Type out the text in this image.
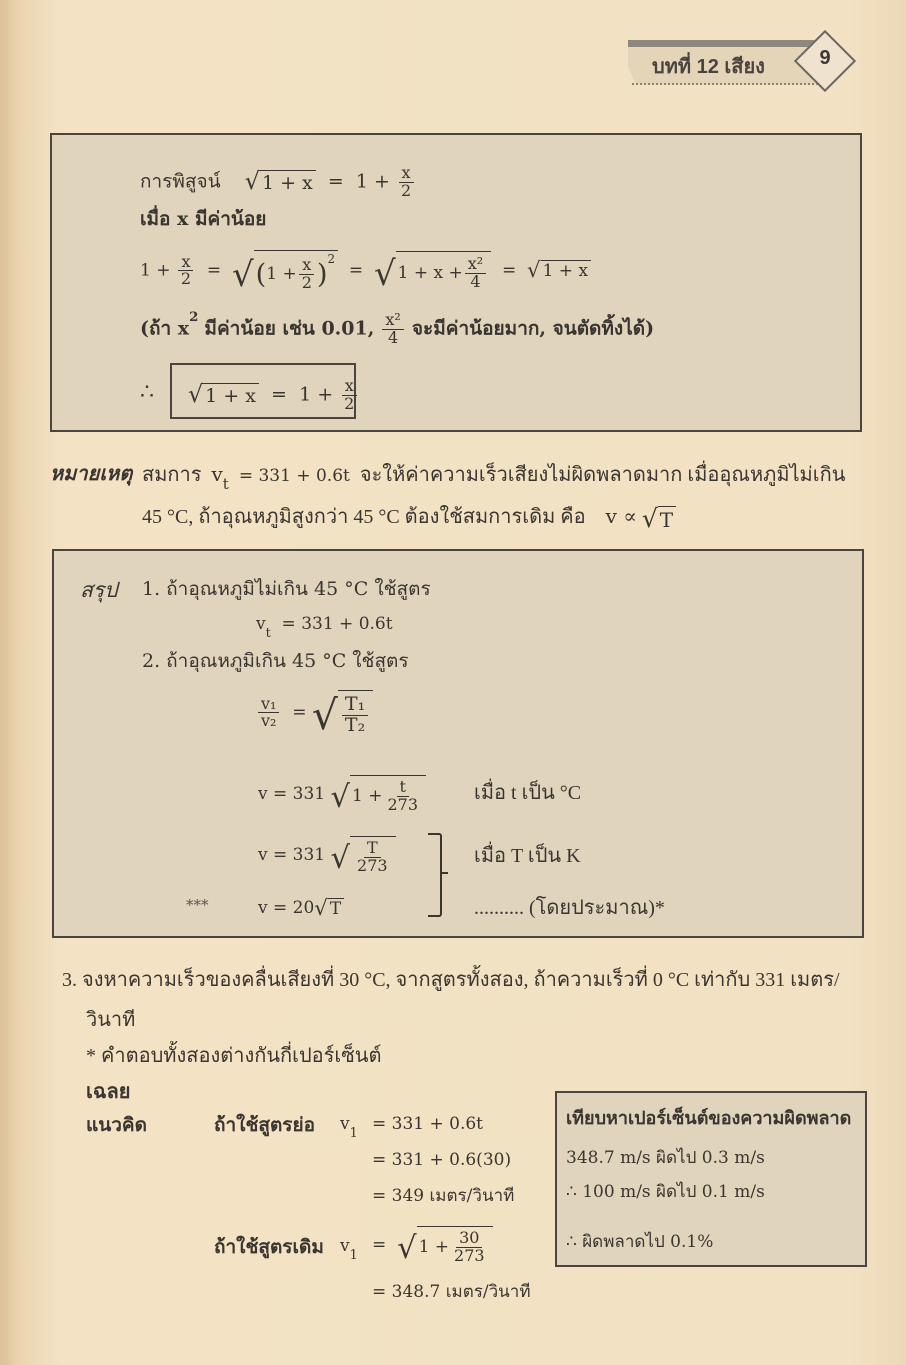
บทที่ 12 เสียง	9
การพิสูจน์ √ $1 + x = 1 + \frac{x}{2}$
เมื่อ x มีค่าน้อย
$1 + \frac{x}{2}$ = √ ( $1 + \frac{x}{2} )^2$
= √ $1 + x + \frac{\text{x²}}{4}$ = √ 1 + x
(ถ้า $x^2$ มีค่าน้อย เช่น 0.01, $\frac{\text{x²}}{4}$ จะมีค่าน้อยมาก, จนตัดทิ้งได้)
∴ √ $1 + x = 1 + \frac{x}{2}$
หมายเหตุ สมการ $v_t = 331 + 0.6t$ จะให้ค่าความเร็วเสียงไม่ผิดพลาดมาก เมื่ออุณหภูมิไม่เกิน
45 °C, ถ้าอุณหภูมิสูงกว่า 45 °C ต้องใช้สมการเดิม คือ v ∝ √ T
สรุป 1. ถ้าอุณหภูมิไม่เกิน 45 °C ใช้สูตร
$v_t = 331 + 0.6t$
2. ถ้าอุณหภูมิเกิน 45 °C ใช้สูตร
$\frac{\text{v₁}}{\text{v₂}}$ = √ $\frac{\text{T₁}}{\text{T₂}}$
v = 331 √ $1 + \frac{t}{273}$	เมื่อ t เป็น °C
v = 331 √ $\frac{T}{273}$	เมื่อ T เป็น K
***	v = 20 √ T	.......... (โดยประมาณ)*
3. จงหาความเร็วของคลื่นเสียงที่ 30 °C, จากสูตรทั้งสอง, ถ้าความเร็วที่ 0 °C เท่ากับ 331 เมตร/
วินาที
* คำตอบทั้งสองต่างกันกี่เปอร์เซ็นต์
เฉลย
แนวคิด	ถ้าใช้สูตรย่อ $v_1 = 331 + 0.6t$
= 331 + 0.6(30)
= 349 เมตร/วินาที
ถ้าใช้สูตรเดิม $v_1$
= √ $1 + \frac{30}{273}$
= 348.7 เมตร/วินาที
เทียบหาเปอร์เซ็นต์ของความผิดพลาด
348.7 m/s ผิดไป 0.3 m/s
∴ 100 m/s ผิดไป 0.1 m/s
∴ ผิดพลาดไป 0.1%
